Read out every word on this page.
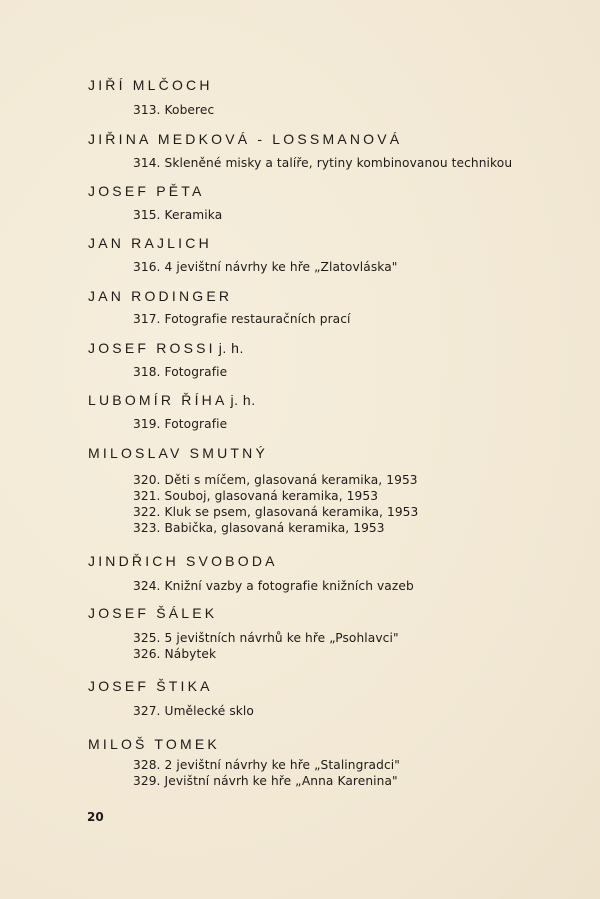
JIŘÍ MLČOCH
313. Koberec
JIŘINA MEDKOVÁ - LOSSMANOVÁ
314. Skleněné misky a talíře, rytiny kombinovanou technikou
JOSEF PĚTA
315. Keramika
JAN RAJLICH
316. 4 jevištní návrhy ke hře „Zlatovláska"
JAN RODINGER
317. Fotografie restauračních prací
JOSEF ROSSI j. h.
318. Fotografie
LUBOMÍR ŘÍHA j. h.
319. Fotografie
MILOSLAV SMUTNÝ
320. Děti s míčem, glasovaná keramika, 1953
321. Souboj, glasovaná keramika, 1953
322. Kluk se psem, glasovaná keramika, 1953
323. Babička, glasovaná keramika, 1953
JINDŘICH SVOBODA
324. Knižní vazby a fotografie knižních vazeb
JOSEF ŠÁLEK
325. 5 jevištních návrhů ke hře „Psohlavci"
326. Nábytek
JOSEF ŠTIKA
327. Umělecké sklo
MILOŠ TOMEK
328. 2 jevištní návrhy ke hře „Stalingradci"
329. Jevištní návrh ke hře „Anna Karenina"
20
